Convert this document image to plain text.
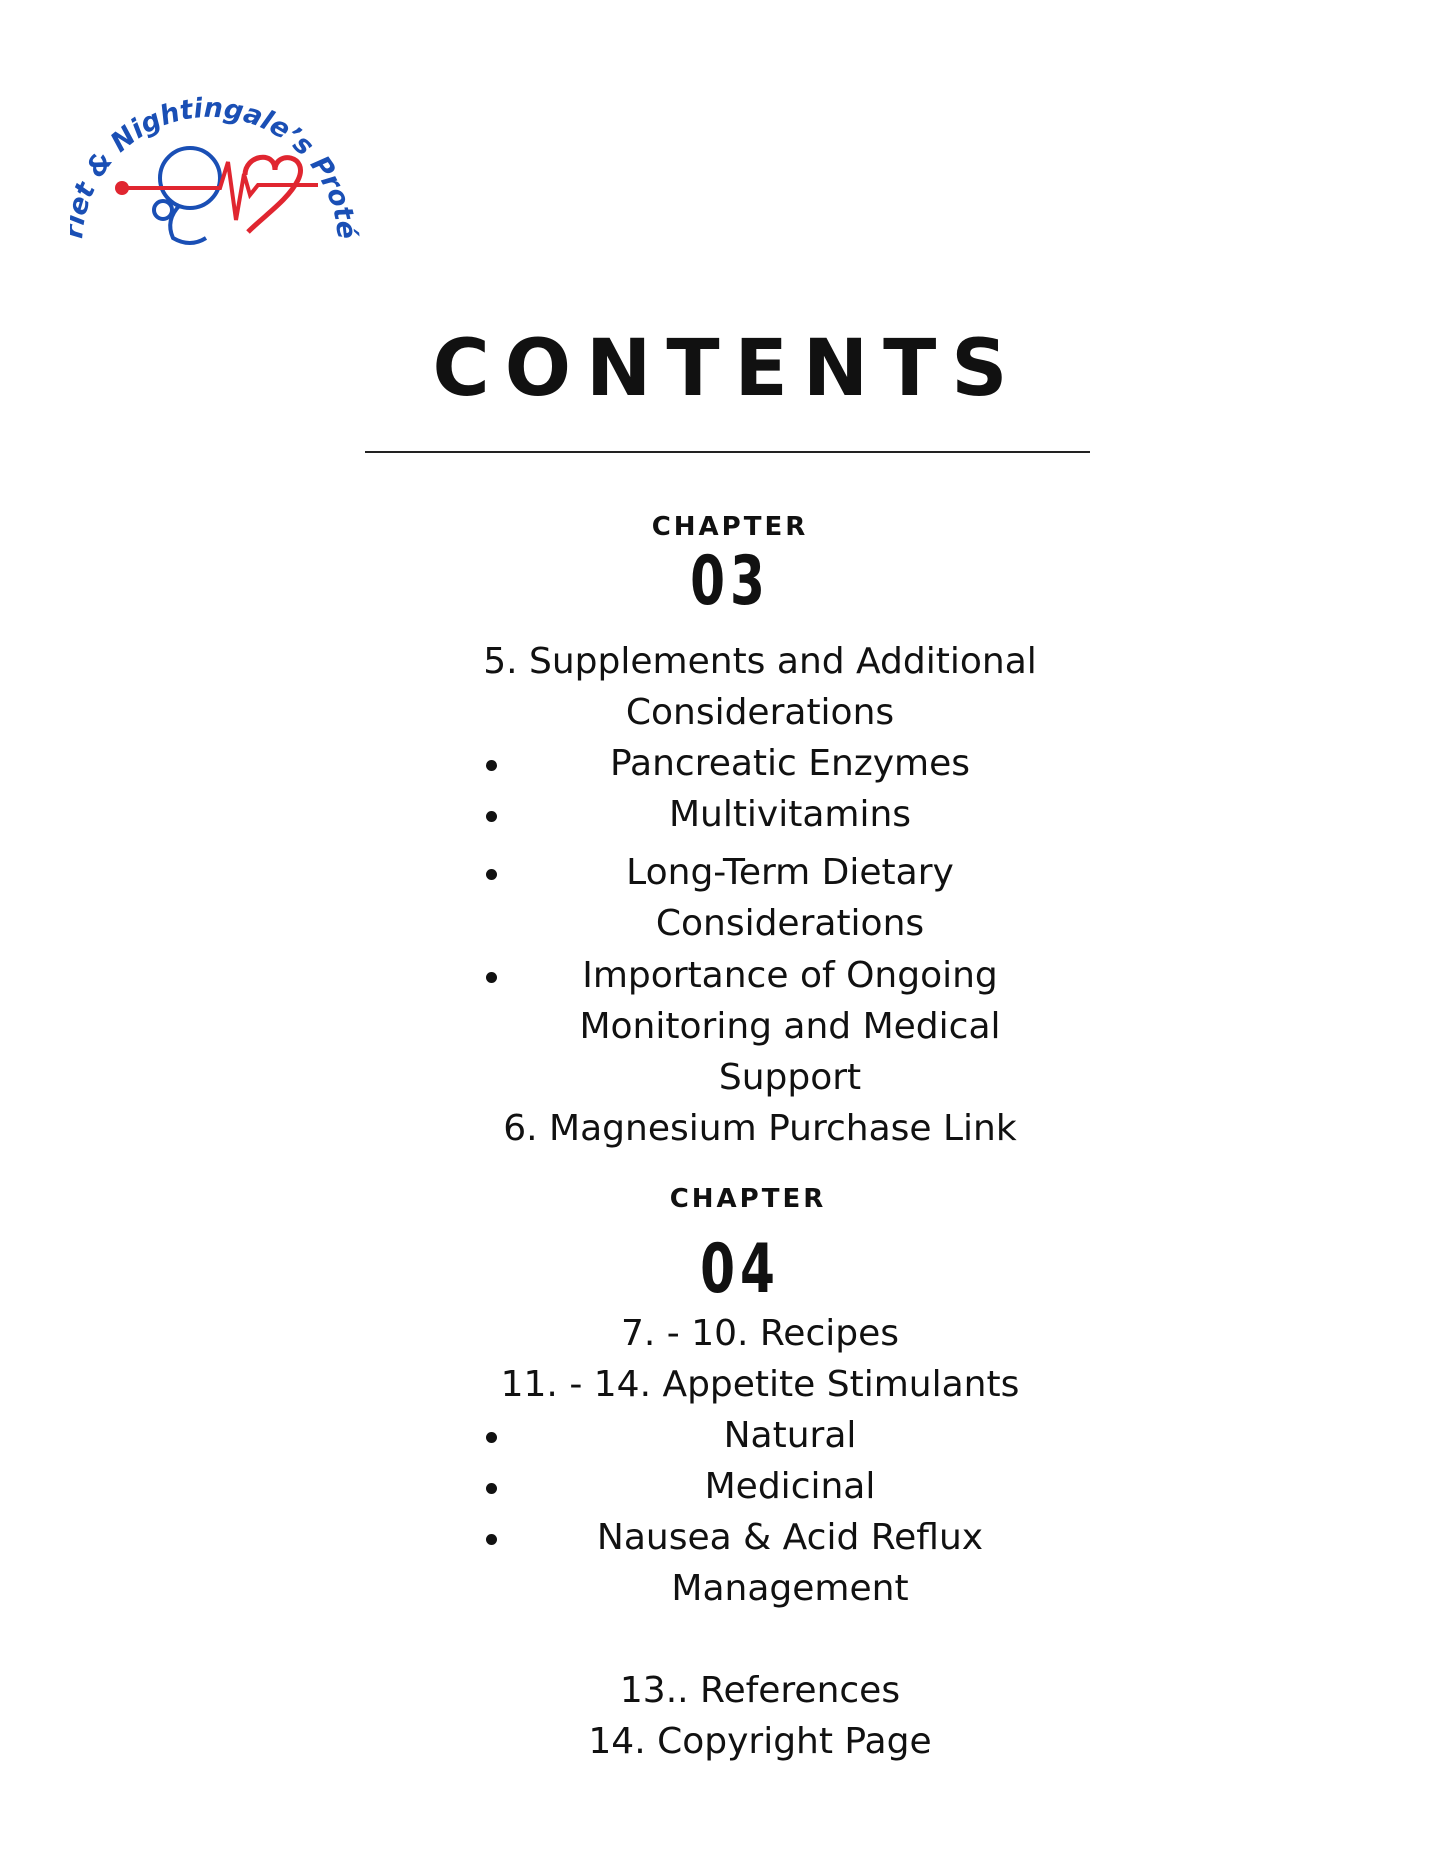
t & Nightingale’s Proté
CONTENTS
CHAPTER
03
5. Supplements and Additional
Considerations
Pancreatic Enzymes
Multivitamins
Long-Term Dietary
Considerations
Importance of Ongoing
Monitoring and Medical
Support
6. Magnesium Purchase Link
CHAPTER
04
7. - 10. Recipes
11. - 14. Appetite Stimulants
Natural
Medicinal
Nausea & Acid Reflux
Management
13.. References
14. Copyright Page
